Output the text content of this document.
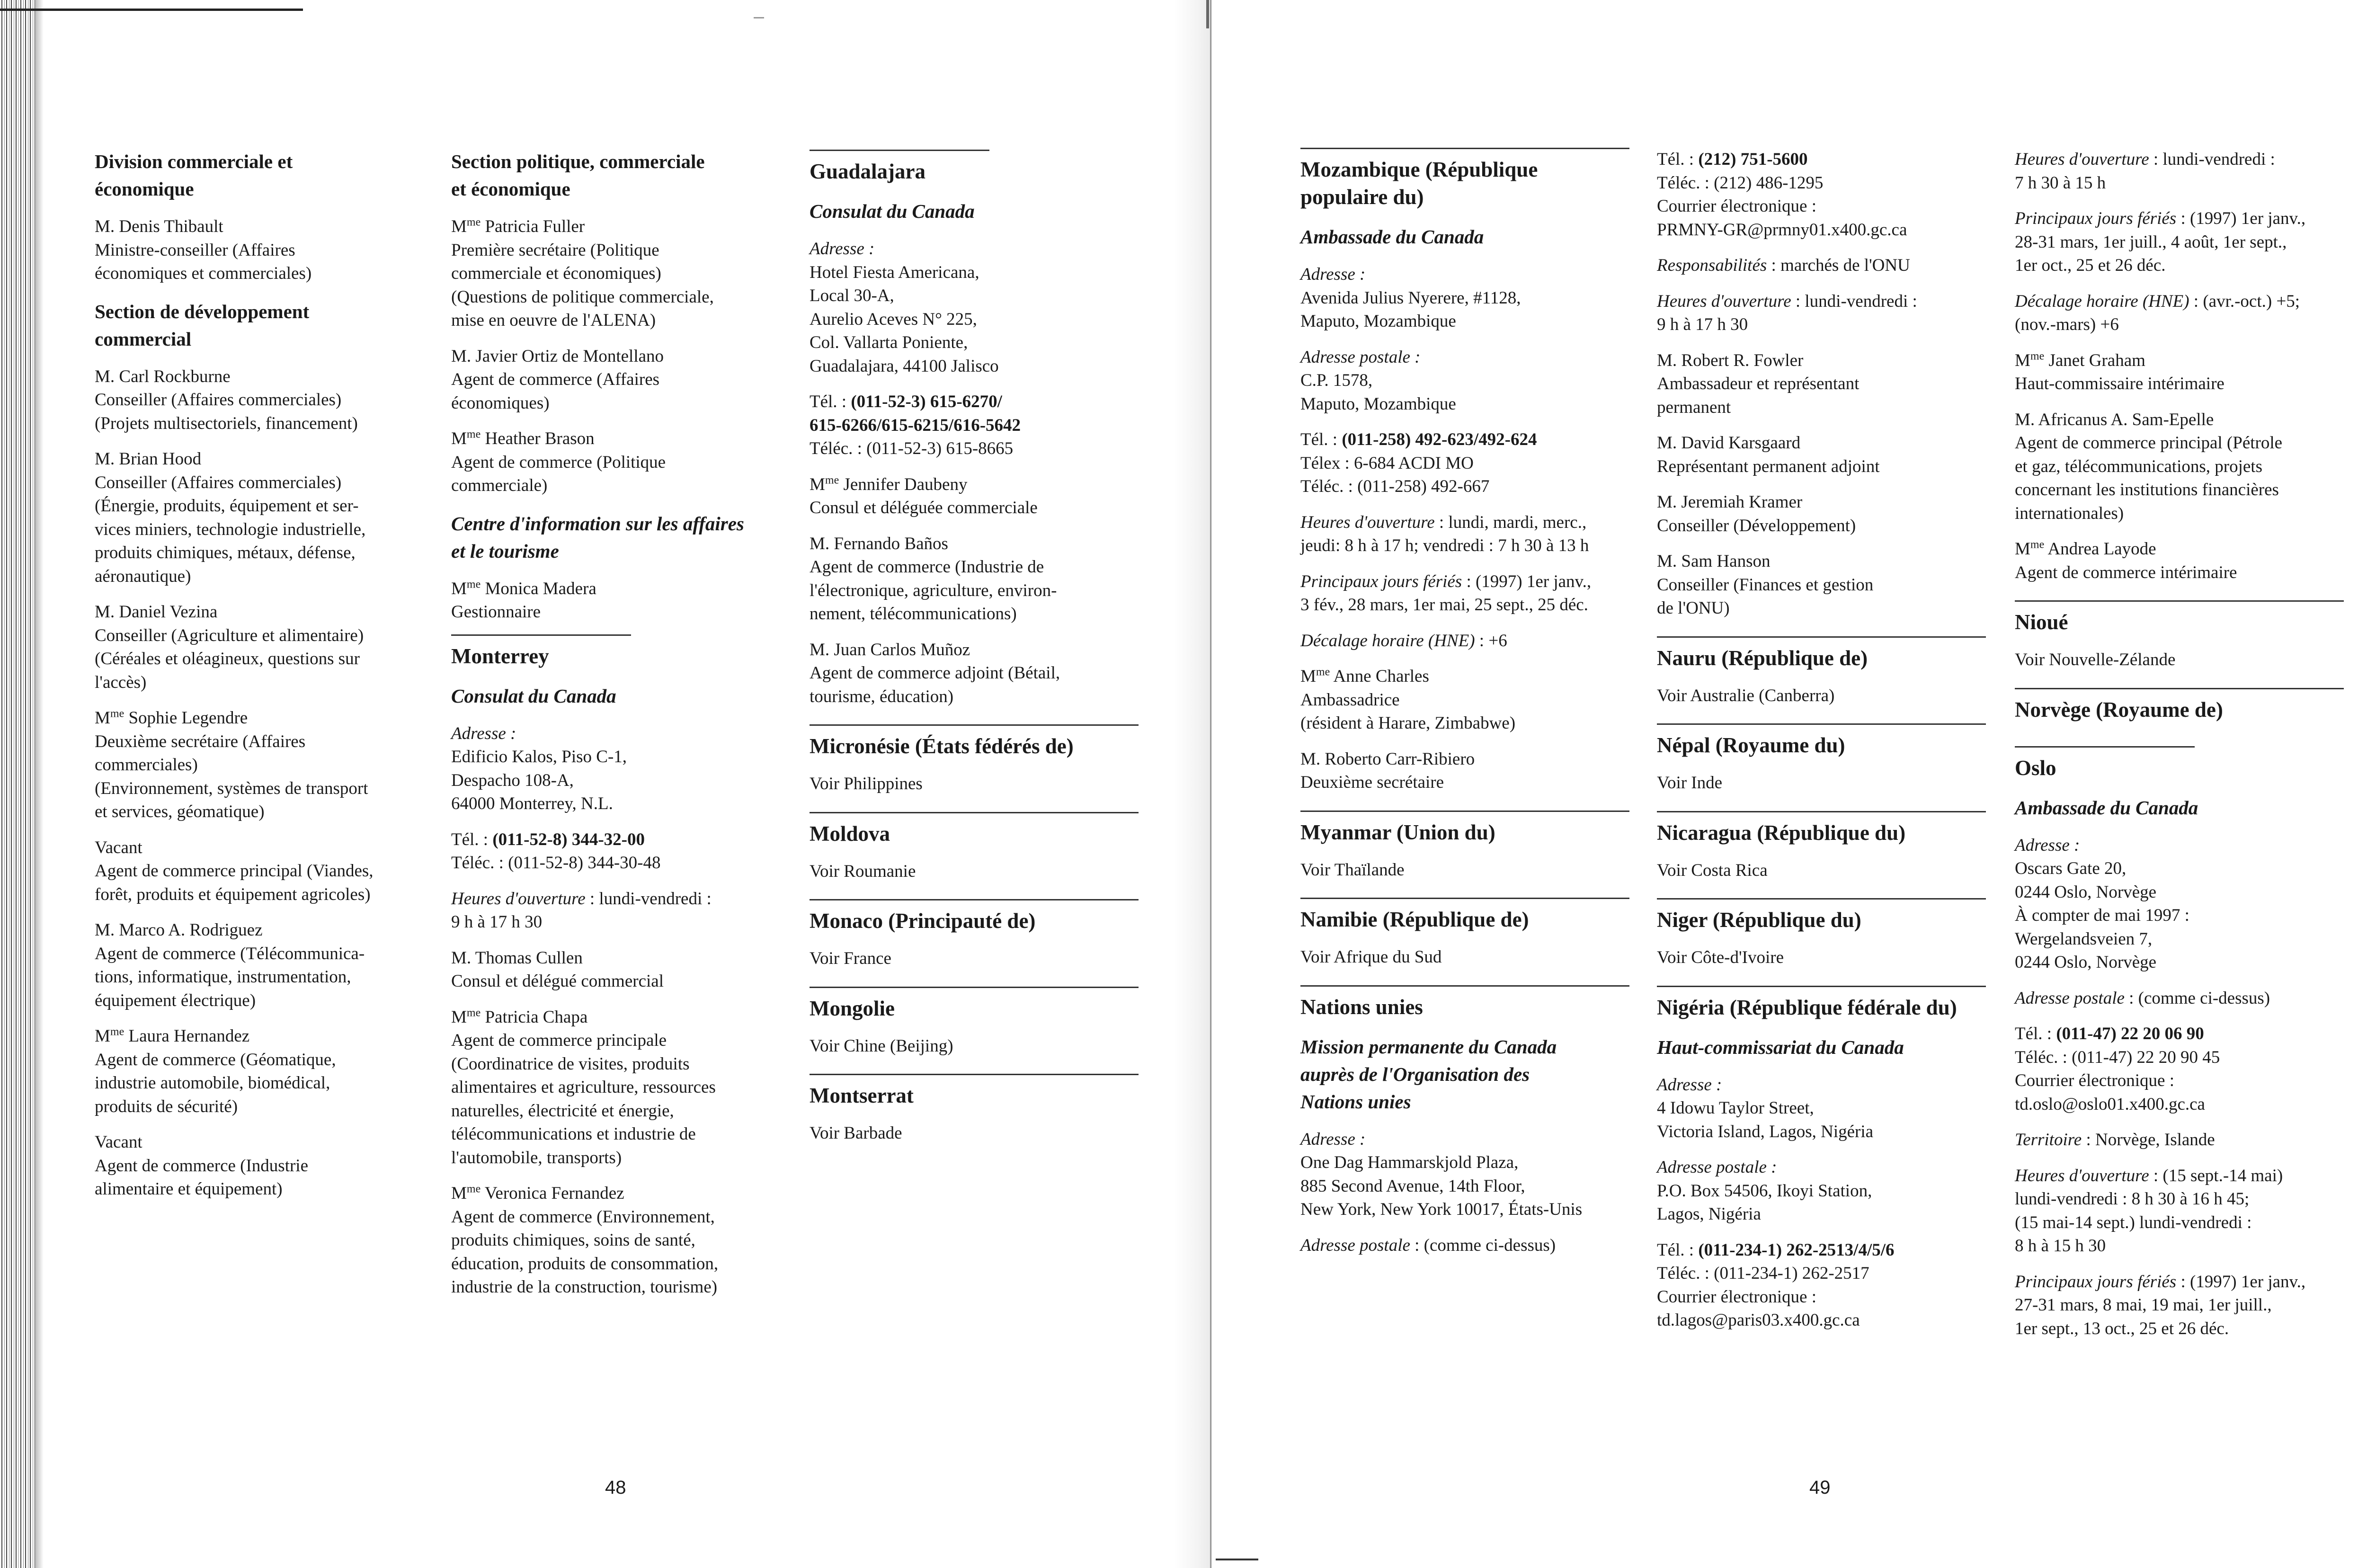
Division commerciale et
économique
M. Denis Thibault
Ministre-conseiller (Affaires
économiques et commerciales)
Section de développement
commercial
M. Carl Rockburne
Conseiller (Affaires commerciales)
(Projets multisectoriels, financement)
M. Brian Hood
Conseiller (Affaires commerciales)
(Énergie, produits, équipement et ser-
vices miniers, technologie industrielle,
produits chimiques, métaux, défense,
aéronautique)
M. Daniel Vezina
Conseiller (Agriculture et alimentaire)
(Céréales et oléagineux, questions sur
l'accès)
$M^{me}$ Sophie Legendre
Deuxième secrétaire (Affaires
commerciales)
(Environnement, systèmes de transport
et services, géomatique)
Vacant
Agent de commerce principal (Viandes,
forêt, produits et équipement agricoles)
M. Marco A. Rodriguez
Agent de commerce (Télécommunica-
tions, informatique, instrumentation,
équipement électrique)
$M^{me}$ Laura Hernandez
Agent de commerce (Géomatique,
industrie automobile, biomédical,
produits de sécurité)
Vacant
Agent de commerce (Industrie
alimentaire et équipement)
Section politique, commerciale
et économique
$M^{me}$ Patricia Fuller
Première secrétaire (Politique
commerciale et économiques)
(Questions de politique commerciale,
mise en oeuvre de l'ALENA)
M. Javier Ortiz de Montellano
Agent de commerce (Affaires
économiques)
$M^{me}$ Heather Brason
Agent de commerce (Politique
commerciale)
Centre d'information sur les affaires
et le tourisme
$M^{me}$ Monica Madera
Gestionnaire
Monterrey
Consulat du Canada
Adresse :
Edificio Kalos, Piso C-1,
Despacho 108-A,
64000 Monterrey, N.L.
Tél. : (011-52-8) 344-32-00
Téléc. : (011-52-8) 344-30-48
Heures d'ouverture : lundi-vendredi :
9 h à 17 h 30
M. Thomas Cullen
Consul et délégué commercial
$M^{me}$ Patricia Chapa
Agent de commerce principale
(Coordinatrice de visites, produits
alimentaires et agriculture, ressources
naturelles, électricité et énergie,
télécommunications et industrie de
l'automobile, transports)
$M^{me}$ Veronica Fernandez
Agent de commerce (Environnement,
produits chimiques, soins de santé,
éducation, produits de consommation,
industrie de la construction, tourisme)
Guadalajara
Consulat du Canada
Adresse :
Hotel Fiesta Americana,
Local 30-A,
Aurelio Aceves N° 225,
Col. Vallarta Poniente,
Guadalajara, 44100 Jalisco
Tél. : (011-52-3) 615-6270/
615-6266/615-6215/616-5642
Téléc. : (011-52-3) 615-8665
$M^{me}$ Jennifer Daubeny
Consul et déléguée commerciale
M. Fernando Baños
Agent de commerce (Industrie de
l'électronique, agriculture, environ-
nement, télécommunications)
M. Juan Carlos Muñoz
Agent de commerce adjoint (Bétail,
tourisme, éducation)
Micronésie (États fédérés de)
Voir Philippines
Moldova
Voir Roumanie
Monaco (Principauté de)
Voir France
Mongolie
Voir Chine (Beijing)
Montserrat
Voir Barbade
48
Mozambique (République
populaire du)
Ambassade du Canada
Adresse :
Avenida Julius Nyerere, #1128,
Maputo, Mozambique
Adresse postale :
C.P. 1578,
Maputo, Mozambique
Tél. : (011-258) 492-623/492-624
Télex : 6-684 ACDI MO
Téléc. : (011-258) 492-667
Heures d'ouverture : lundi, mardi, merc.,
jeudi: 8 h à 17 h; vendredi : 7 h 30 à 13 h
Principaux jours fériés : (1997) 1er janv.,
3 fév., 28 mars, 1er mai, 25 sept., 25 déc.
Décalage horaire (HNE) : +6
$M^{me}$ Anne Charles
Ambassadrice
(résident à Harare, Zimbabwe)
M. Roberto Carr-Ribiero
Deuxième secrétaire
Myanmar (Union du)
Voir Thaïlande
Namibie (République de)
Voir Afrique du Sud
Nations unies
Mission permanente du Canada
auprès de l'Organisation des
Nations unies
Adresse :
One Dag Hammarskjold Plaza,
885 Second Avenue, 14th Floor,
New York, New York 10017, États-Unis
Adresse postale : (comme ci-dessus)
Tél. : (212) 751-5600
Téléc. : (212) 486-1295
Courrier électronique :
PRMNY-GR@prmny01.x400.gc.ca
Responsabilités : marchés de l'ONU
Heures d'ouverture : lundi-vendredi :
9 h à 17 h 30
M. Robert R. Fowler
Ambassadeur et représentant
permanent
M. David Karsgaard
Représentant permanent adjoint
M. Jeremiah Kramer
Conseiller (Développement)
M. Sam Hanson
Conseiller (Finances et gestion
de l'ONU)
Nauru (République de)
Voir Australie (Canberra)
Népal (Royaume du)
Voir Inde
Nicaragua (République du)
Voir Costa Rica
Niger (République du)
Voir Côte-d'Ivoire
Nigéria (République fédérale du)
Haut-commissariat du Canada
Adresse :
4 Idowu Taylor Street,
Victoria Island, Lagos, Nigéria
Adresse postale :
P.O. Box 54506, Ikoyi Station,
Lagos, Nigéria
Tél. : (011-234-1) 262-2513/4/5/6
Téléc. : (011-234-1) 262-2517
Courrier électronique :
td.lagos@paris03.x400.gc.ca
Heures d'ouverture : lundi-vendredi :
7 h 30 à 15 h
Principaux jours fériés : (1997) 1er janv.,
28-31 mars, 1er juill., 4 août, 1er sept.,
1er oct., 25 et 26 déc.
Décalage horaire (HNE) : (avr.-oct.) +5;
(nov.-mars) +6
$M^{me}$ Janet Graham
Haut-commissaire intérimaire
M. Africanus A. Sam-Epelle
Agent de commerce principal (Pétrole
et gaz, télécommunications, projets
concernant les institutions financières
internationales)
$M^{me}$ Andrea Layode
Agent de commerce intérimaire
Nioué
Voir Nouvelle-Zélande
Norvège (Royaume de)
Oslo
Ambassade du Canada
Adresse :
Oscars Gate 20,
0244 Oslo, Norvège
À compter de mai 1997 :
Wergelandsveien 7,
0244 Oslo, Norvège
Adresse postale : (comme ci-dessus)
Tél. : (011-47) 22 20 06 90
Téléc. : (011-47) 22 20 90 45
Courrier électronique :
td.oslo@oslo01.x400.gc.ca
Territoire : Norvège, Islande
Heures d'ouverture : (15 sept.-14 mai)
lundi-vendredi : 8 h 30 à 16 h 45;
(15 mai-14 sept.) lundi-vendredi :
8 h à 15 h 30
Principaux jours fériés : (1997) 1er janv.,
27-31 mars, 8 mai, 19 mai, 1er juill.,
1er sept., 13 oct., 25 et 26 déc.
49
